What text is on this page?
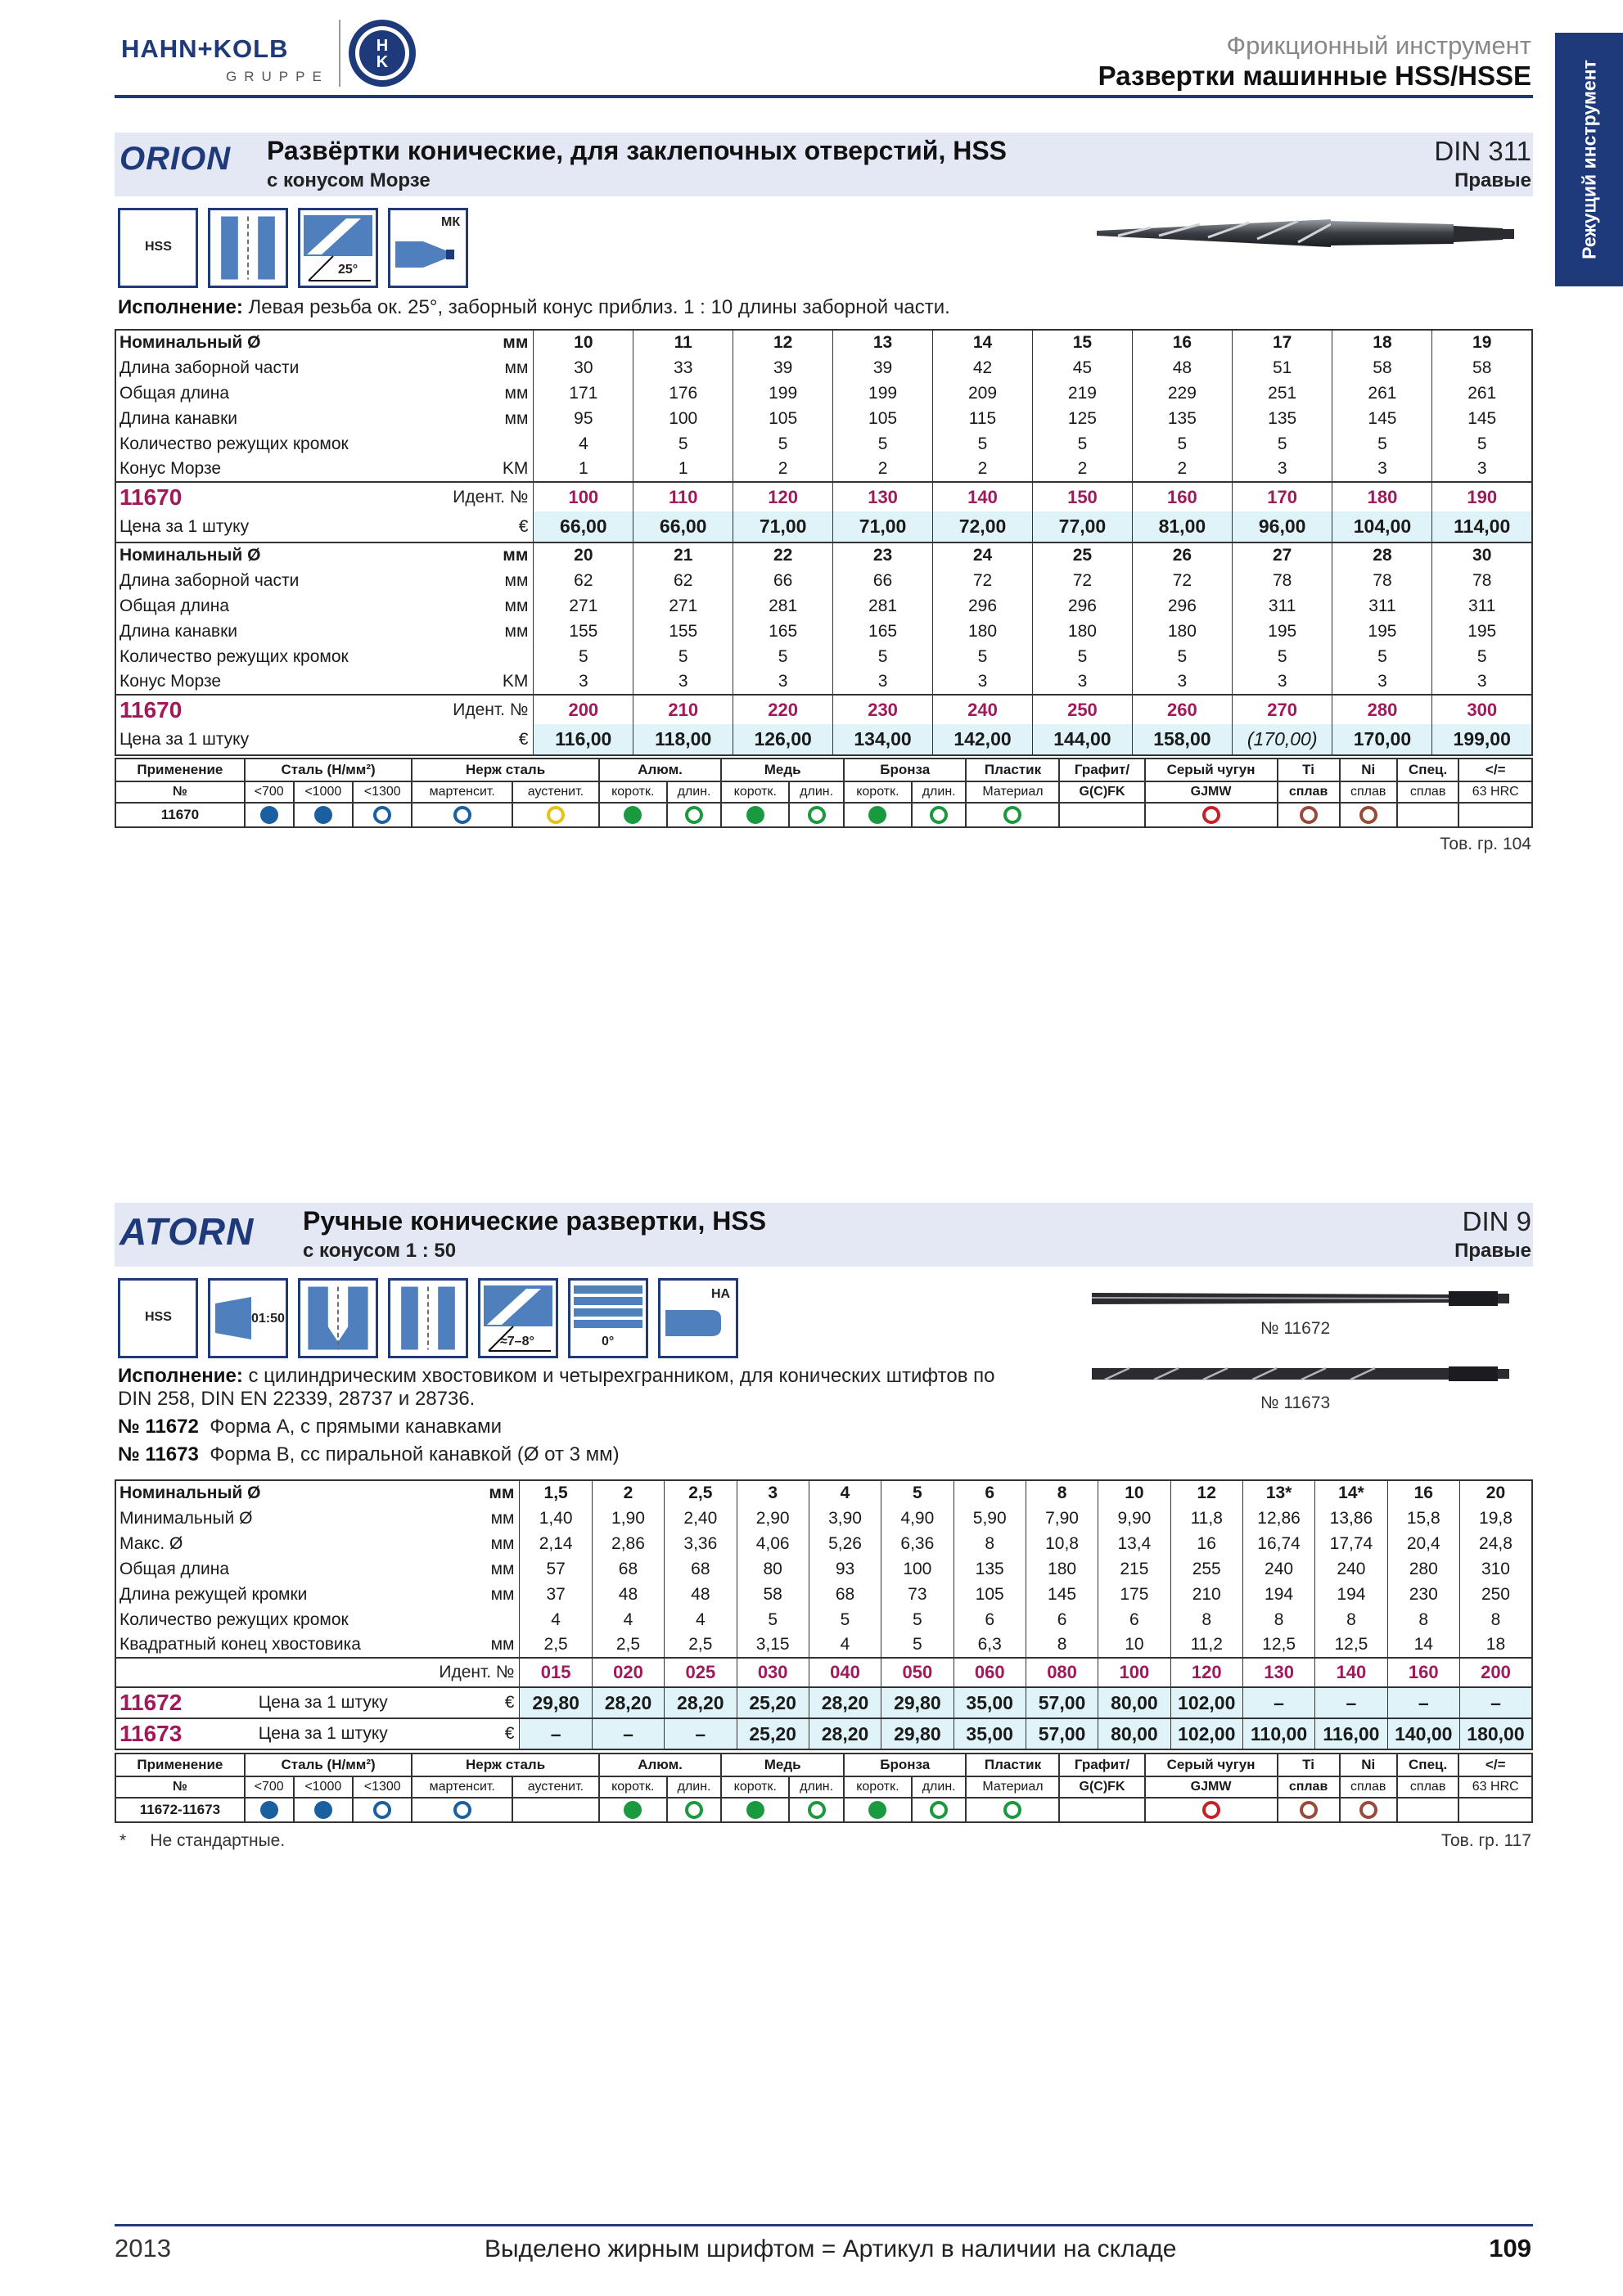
HAHN+KOLB
GRUPPE
H
K
Фрикционный инструмент
Развертки машинные HSS/HSSE Режущий инструмент
ORION Развёртки конические, для заклепочных отверстий, HSS
с конусом Морзе
DIN 311
Правые
HSS
25°
МК
Исполнение: Левая резьба ок. 25°, заборный конус приблиз. 1 : 10 длины заборной части.
Номинальный Ø	мм	10	11	12	13	14	15	16	17	18	19
Длина заборной части	мм	30	33	39	39	42	45	48	51	58	58
Общая длина	мм	171	176	199	199	209	219	229	251	261	261
Длина канавки	мм	95	100	105	105	115	125	135	135	145	145
Количество режущих кромок		4	5	5	5	5	5	5	5	5	5
Конус Морзе	KM	1	1	2	2	2	2	2	3	3	3
11670	Идент. №	100	110	120	130	140	150	160	170	180	190
Цена за 1 штуку	€	66,00	66,00	71,00	71,00	72,00	77,00	81,00	96,00	104,00	114,00
Номинальный Ø	мм	20	21	22	23	24	25	26	27	28	30
Длина заборной части	мм	62	62	66	66	72	72	72	78	78	78
Общая длина	мм	271	271	281	281	296	296	296	311	311	311
Длина канавки	мм	155	155	165	165	180	180	180	195	195	195
Количество режущих кромок		5	5	5	5	5	5	5	5	5	5
Конус Морзе	KM	3	3	3	3	3	3	3	3	3	3
11670	Идент. №	200	210	220	230	240	250	260	270	280	300
Цена за 1 штуку	€	116,00	118,00	126,00	134,00	142,00	144,00	158,00	(170,00)	170,00	199,00
Применение	Сталь (Н/мм²)			Нерж сталь		Алюм.		Медь		Бронза		Пластик	Графит/	Серый чугун	Ti	Ni	Спец.	</=
№	<700	<1000	<1300	мартенсит.	аустенит.	коротк.	длин.	коротк.	длин.	коротк.	длин.	Материал	G(C)FK	GJMW	сплав	сплав	сплав	63 HRC
11670																		
Тов. гр. 104
ATORN Ручные конические развертки, HSS
с конусом 1 : 50
DIN 9
Правые
HSS	01:50
≈7–8°	0°
НА
№ 11672
№ 11673
Исполнение: с цилиндрическим хвостовиком и четырехгранником, для конических штифтов по DIN 258, DIN EN 22339, 28737 и 28736.
№ 11672 Форма А, с прямыми канавками
№ 11673 Форма В, сс пиральной канавкой (Ø от 3 мм)
Номинальный Ø		мм	1,5	2	2,5	3	4	5	6	8	10	12	13*	14*	16	20
Минимальный Ø		мм	1,40	1,90	2,40	2,90	3,90	4,90	5,90	7,90	9,90	11,8	12,86	13,86	15,8	19,8
Макс. Ø		мм	2,14	2,86	3,36	4,06	5,26	6,36	8	10,8	13,4	16	16,74	17,74	20,4	24,8
Общая длина		мм	57	68	68	80	93	100	135	180	215	255	240	240	280	310
Длина режущей кромки		мм	37	48	48	58	68	73	105	145	175	210	194	194	230	250
Количество режущих кромок			4	4	4	5	5	5	6	6	6	8	8	8	8	8
Квадратный конец хвостовика		мм	2,5	2,5	2,5	3,15	4	5	6,3	8	10	11,2	12,5	12,5	14	18
Идент. №			015	020	025	030	040	050	060	080	100	120	130	140	160	200
11672	Цена за 1 штуку	€	29,80	28,20	28,20	25,20	28,20	29,80	35,00	57,00	80,00	102,00	–	–	–	–
11673	Цена за 1 штуку	€	–	–	–	25,20	28,20	29,80	35,00	57,00	80,00	102,00	110,00	116,00	140,00	180,00
Применение	Сталь (Н/мм²)			Нерж сталь		Алюм.		Медь		Бронза		Пластик	Графит/	Серый чугун	Ti	Ni	Спец.	</=
№	<700	<1000	<1300	мартенсит.	аустенит.	коротк.	длин.	коротк.	длин.	коротк.	длин.	Материал	G(C)FK	GJMW	сплав	сплав	сплав	63 HRC
11672-11673																		
* Не стандартные.	Тов. гр. 117
2013	Выделено жирным шрифтом = Артикул в наличии на складе	109
